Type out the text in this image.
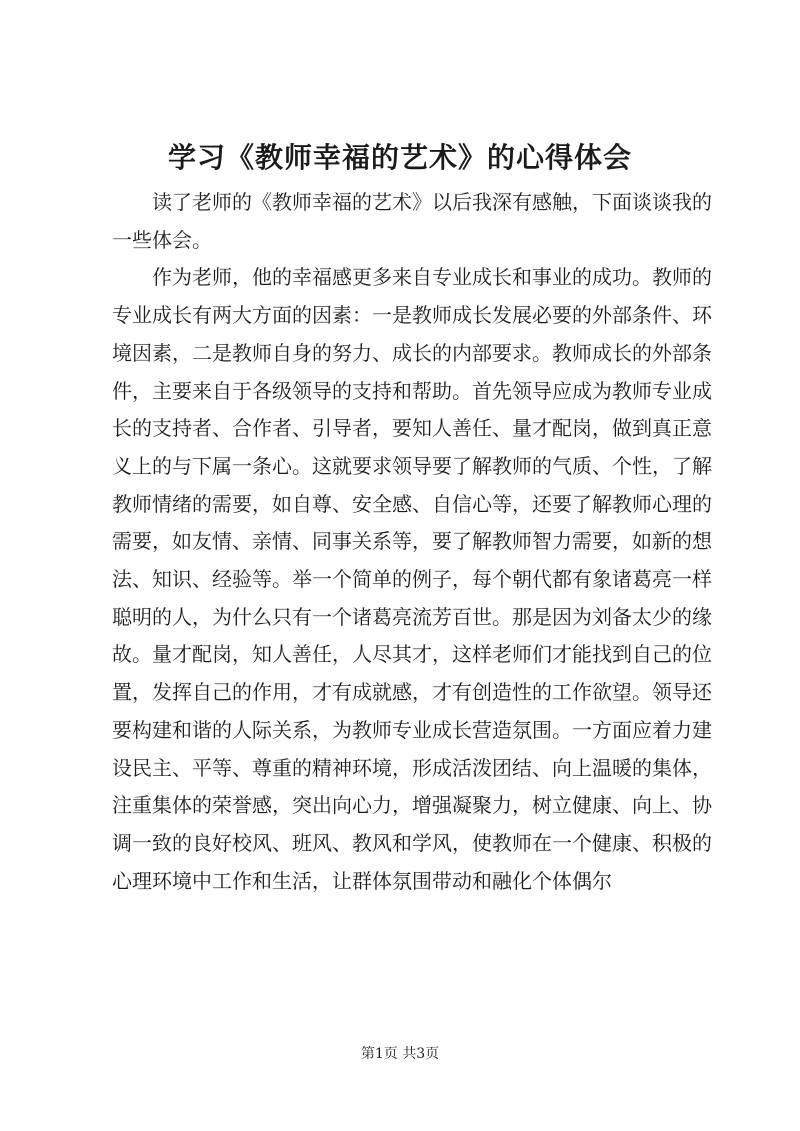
学习《教师幸福的艺术》的心得体会

读了老师的《教师幸福的艺术》以后我深有感触，下面谈谈我的一些体会。

作为老师，他的幸福感更多来自专业成长和事业的成功。教师的专业成长有两大方面的因素：一是教师成长发展必要的外部条件、环境因素，二是教师自身的努力、成长的内部要求。教师成长的外部条件，主要来自于各级领导的支持和帮助。首先领导应成为教师专业成长的支持者、合作者、引导者，要知人善任、量才配岗，做到真正意义上的与下属一条心。这就要求领导要了解教师的气质、个性，了解教师情绪的需要，如自尊、安全感、自信心等，还要了解教师心理的需要，如友情、亲情、同事关系等，要了解教师智力需要，如新的想法、知识、经验等。举一个简单的例子，每个朝代都有象诸葛亮一样聪明的人，为什么只有一个诸葛亮流芳百世。那是因为刘备太少的缘故。量才配岗，知人善任，人尽其才，这样老师们才能找到自己的位置，发挥自己的作用，才有成就感，才有创造性的工作欲望。领导还要构建和谐的人际关系，为教师专业成长营造氛围。一方面应着力建设民主、平等、尊重的精神环境，形成活泼团结、向上温暖的集体，注重集体的荣誉感，突出向心力，增强凝聚力，树立健康、向上、协调一致的良好校风、班风、教风和学风，使教师在一个健康、积极的心理环境中工作和生活，让群体氛围带动和融化个体偶尔

第1页 共3页
